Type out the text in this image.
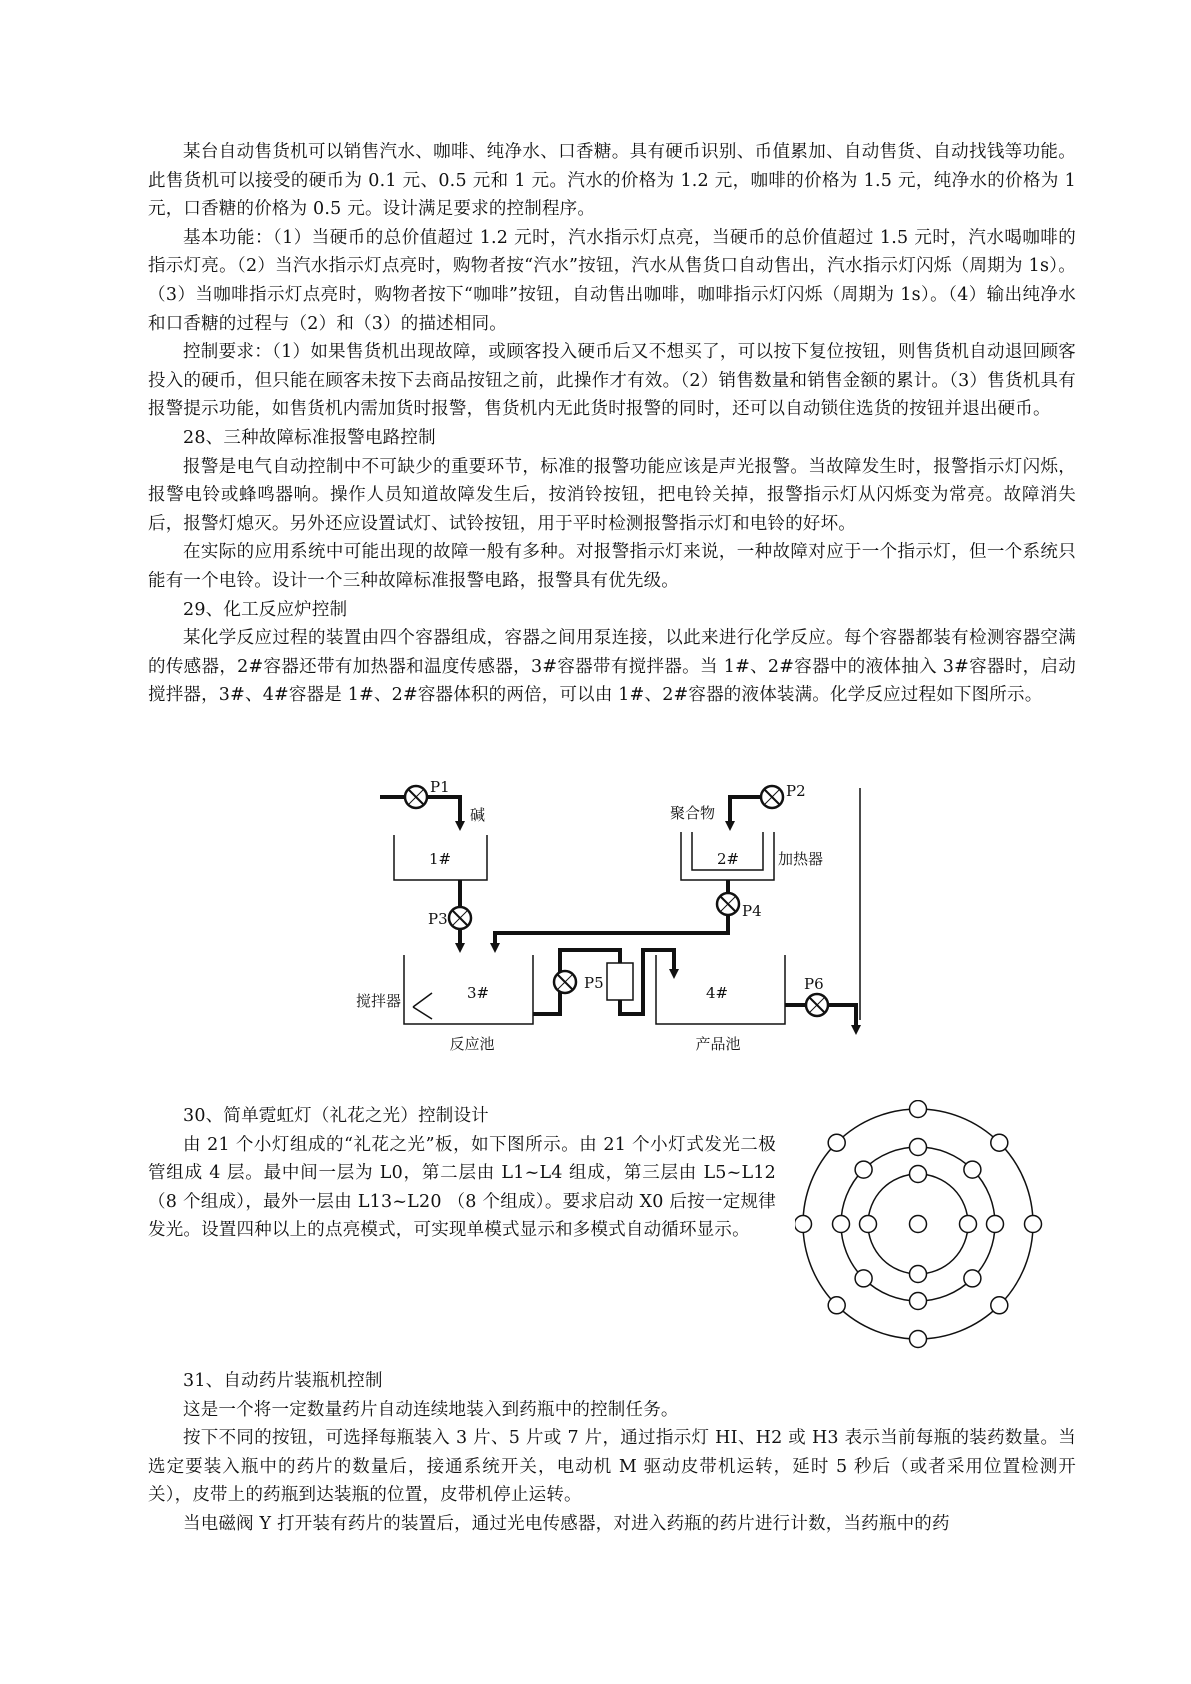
某台自动售货机可以销售汽水、咖啡、纯净水、口香糖。具有硬币识别、币值累加、自动售货、自动找钱等功能。此售货机可以接受的硬币为 0.1 元、0.5 元和 1 元。汽水的价格为 1.2 元，咖啡的价格为 1.5 元，纯净水的价格为 1 元，口香糖的价格为 0.5 元。设计满足要求的控制程序。

基本功能：（1）当硬币的总价值超过 1.2 元时，汽水指示灯点亮，当硬币的总价值超过 1.5 元时，汽水喝咖啡的指示灯亮。（2）当汽水指示灯点亮时，购物者按“汽水”按钮，汽水从售货口自动售出，汽水指示灯闪烁（周期为 1s）。（3）当咖啡指示灯点亮时，购物者按下“咖啡”按钮，自动售出咖啡，咖啡指示灯闪烁（周期为 1s）。（4）输出纯净水和口香糖的过程与（2）和（3）的描述相同。

控制要求：（1）如果售货机出现故障，或顾客投入硬币后又不想买了，可以按下复位按钮，则售货机自动退回顾客投入的硬币，但只能在顾客未按下去商品按钮之前，此操作才有效。（2）销售数量和销售金额的累计。（3）售货机具有报警提示功能，如售货机内需加货时报警，售货机内无此货时报警的同时，还可以自动锁住选货的按钮并退出硬币。

28、三种故障标准报警电路控制

报警是电气自动控制中不可缺少的重要环节，标准的报警功能应该是声光报警。当故障发生时，报警指示灯闪烁，报警电铃或蜂鸣器响。操作人员知道故障发生后，按消铃按钮，把电铃关掉，报警指示灯从闪烁变为常亮。故障消失后，报警灯熄灭。另外还应设置试灯、试铃按钮，用于平时检测报警指示灯和电铃的好坏。

在实际的应用系统中可能出现的故障一般有多种。对报警指示灯来说，一种故障对应于一个指示灯，但一个系统只能有一个电铃。设计一个三种故障标准报警电路，报警具有优先级。

29、化工反应炉控制

某化学反应过程的装置由四个容器组成，容器之间用泵连接，以此来进行化学反应。每个容器都装有检测容器空满的传感器，2#容器还带有加热器和温度传感器，3#容器带有搅拌器。当 1#、2#容器中的液体抽入 3#容器时，启动搅拌器，3#、4#容器是 1#、2#容器体积的两倍，可以由 1#、2#容器的液体装满。化学反应过程如下图所示。

P1
碱
1#
聚合物
P2
2#	加热器
P3	P4
P5	P6
3#	4#
搅拌器
反应池	产品池

30、简单霓虹灯（礼花之光）控制设计

由 21 个小灯组成的“礼花之光”板，如下图所示。由 21 个小灯式发光二极管组成 4 层。最中间一层为 L0，第二层由 L1~L4 组成，第三层由 L5~L12 （8 个组成），最外一层由 L13~L20 （8 个组成）。要求启动 X0 后按一定规律发光。设置四种以上的点亮模式，可实现单模式显示和多模式自动循环显示。

31、自动药片装瓶机控制

这是一个将一定数量药片自动连续地装入到药瓶中的控制任务。

按下不同的按钮，可选择每瓶装入 3 片、5 片或 7 片，通过指示灯 HI、H2 或 H3 表示当前每瓶的装药数量。当选定要装入瓶中的药片的数量后，接通系统开关，电动机 M 驱动皮带机运转，延时 5 秒后（或者采用位置检测开关），皮带上的药瓶到达装瓶的位置，皮带机停止运转。

当电磁阀 Y 打开装有药片的装置后，通过光电传感器，对进入药瓶的药片进行计数，当药瓶中的药
